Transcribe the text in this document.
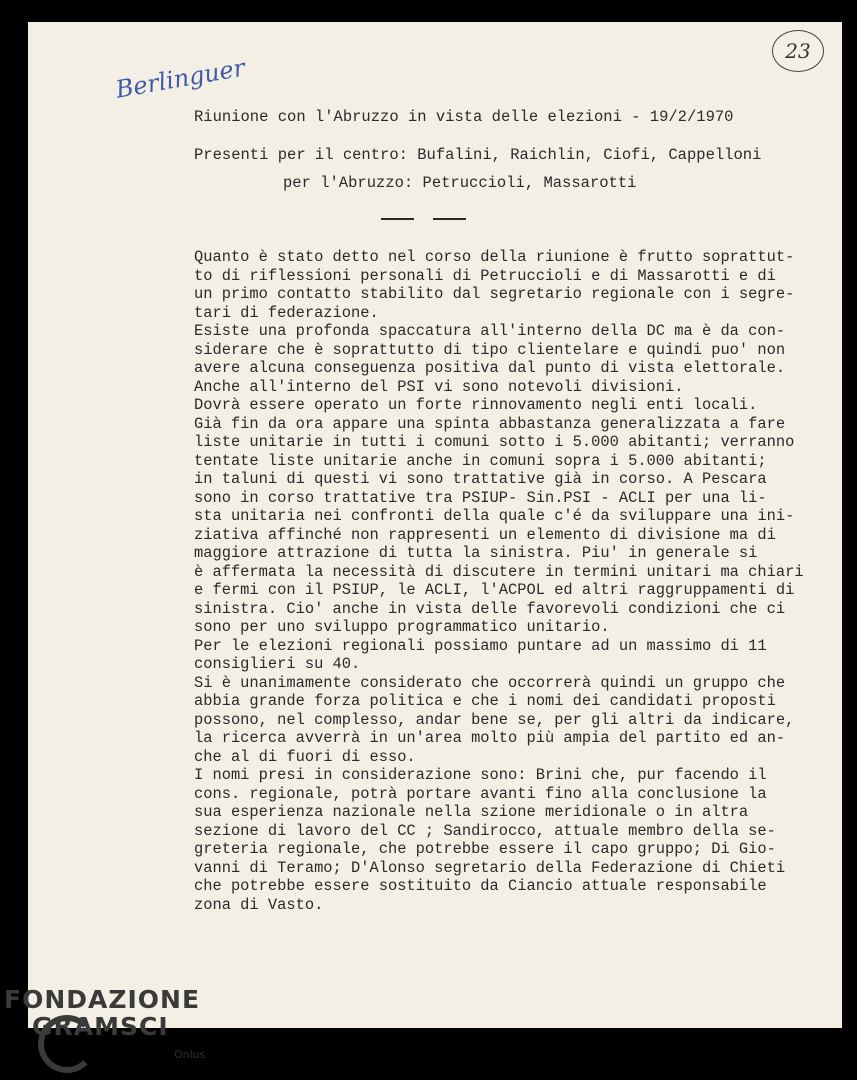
Berlinguer
23
Riunione con l'Abruzzo in vista delle elezioni - 19/2/1970
Presenti per il centro: Bufalini, Raichlin, Ciofi, Cappelloni
per l'Abruzzo: Petruccioli, Massarotti
Quanto è stato detto nel corso della riunione è frutto soprattut-
to di riflessioni personali di Petruccioli e di Massarotti e di
un primo contatto stabilito dal segretario regionale con i segre-
tari di federazione.
Esiste una profonda spaccatura all'interno della DC ma è da con-
siderare che è soprattutto di tipo clientelare e quindi puo' non
avere alcuna conseguenza positiva dal punto di vista elettorale.
Anche all'interno del PSI vi sono notevoli divisioni.
Dovrà essere operato un forte rinnovamento negli enti locali.
Già fin da ora appare una spinta abbastanza generalizzata a fare
liste unitarie in tutti i comuni sotto i 5.000 abitanti; verranno
tentate liste unitarie anche in comuni sopra i 5.000 abitanti;
in taluni di questi vi sono trattative già in corso. A Pescara
sono in corso trattative tra PSIUP- Sin.PSI - ACLI per una li-
sta unitaria nei confronti della quale c'é da sviluppare una ini-
ziativa affinché non rappresenti un elemento di divisione ma di
maggiore attrazione di tutta la sinistra. Piu' in generale si
è affermata la necessità di discutere in termini unitari ma chiari
e fermi con il PSIUP, le ACLI, l'ACPOL ed altri raggruppamenti di
sinistra. Cio' anche in vista delle favorevoli condizioni che ci
sono per uno sviluppo programmatico unitario.
Per le elezioni regionali possiamo puntare ad un massimo di 11
consiglieri su 40.
Si è unanimamente considerato che occorrerà quindi un gruppo che
abbia grande forza politica e che i nomi dei candidati proposti
possono, nel complesso, andar bene se, per gli altri da indicare,
la ricerca avverrà in un'area molto più ampia del partito ed an-
che al di fuori di esso.
I nomi presi in considerazione sono: Brini che, pur facendo il
cons. regionale, potrà portare avanti fino alla conclusione la
sua esperienza nazionale nella szione meridionale o in altra
sezione di lavoro del CC ; Sandirocco, attuale membro della se-
greteria regionale, che potrebbe essere il capo gruppo; Di Gio-
vanni di Teramo; D'Alonso segretario della Federazione di Chieti
che potrebbe essere sostituito da Ciancio attuale responsabile
zona di Vasto.
FONDAZIONE
GRAMSCI
Onlus
